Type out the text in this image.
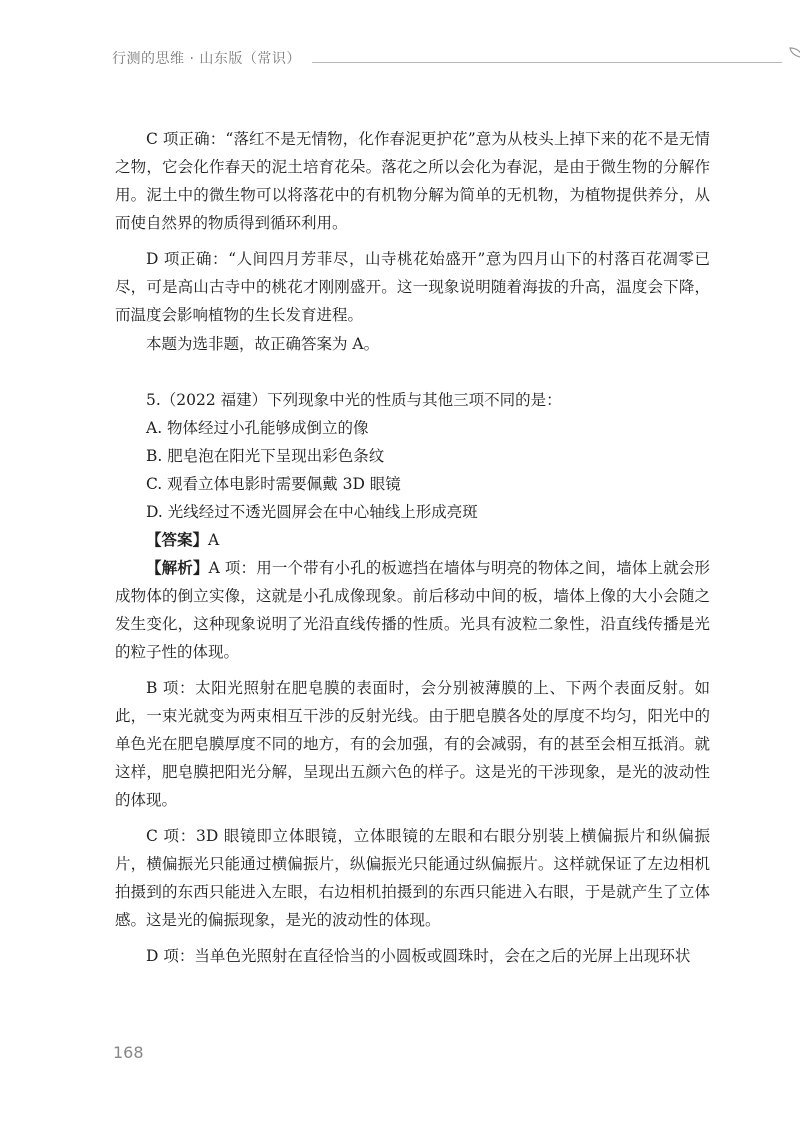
行测的思维 · 山东版（常识）

C 项正确：“落红不是无情物，化作春泥更护花”意为从枝头上掉下来的花不是无情之物，它会化作春天的泥土培育花朵。落花之所以会化为春泥，是由于微生物的分解作用。泥土中的微生物可以将落花中的有机物分解为简单的无机物，为植物提供养分，从而使自然界的物质得到循环利用。

D 项正确：“人间四月芳菲尽，山寺桃花始盛开”意为四月山下的村落百花凋零已尽，可是高山古寺中的桃花才刚刚盛开。这一现象说明随着海拔的升高，温度会下降，而温度会影响植物的生长发育进程。

本题为选非题，故正确答案为 A。

5.（2022 福建）下列现象中光的性质与其他三项不同的是：

A. 物体经过小孔能够成倒立的像

B. 肥皂泡在阳光下呈现出彩色条纹

C. 观看立体电影时需要佩戴 3D 眼镜

D. 光线经过不透光圆屏会在中心轴线上形成亮斑

【答案】A

【解析】A 项：用一个带有小孔的板遮挡在墙体与明亮的物体之间，墙体上就会形成物体的倒立实像，这就是小孔成像现象。前后移动中间的板，墙体上像的大小会随之发生变化，这种现象说明了光沿直线传播的性质。光具有波粒二象性，沿直线传播是光的粒子性的体现。

B 项：太阳光照射在肥皂膜的表面时，会分别被薄膜的上、下两个表面反射。如此，一束光就变为两束相互干涉的反射光线。由于肥皂膜各处的厚度不均匀，阳光中的单色光在肥皂膜厚度不同的地方，有的会加强，有的会减弱，有的甚至会相互抵消。就这样，肥皂膜把阳光分解，呈现出五颜六色的样子。这是光的干涉现象，是光的波动性的体现。

C 项：3D 眼镜即立体眼镜，立体眼镜的左眼和右眼分别装上横偏振片和纵偏振片，横偏振光只能通过横偏振片，纵偏振光只能通过纵偏振片。这样就保证了左边相机拍摄到的东西只能进入左眼，右边相机拍摄到的东西只能进入右眼，于是就产生了立体感。这是光的偏振现象，是光的波动性的体现。

D 项：当单色光照射在直径恰当的小圆板或圆珠时，会在之后的光屏上出现环状

168
